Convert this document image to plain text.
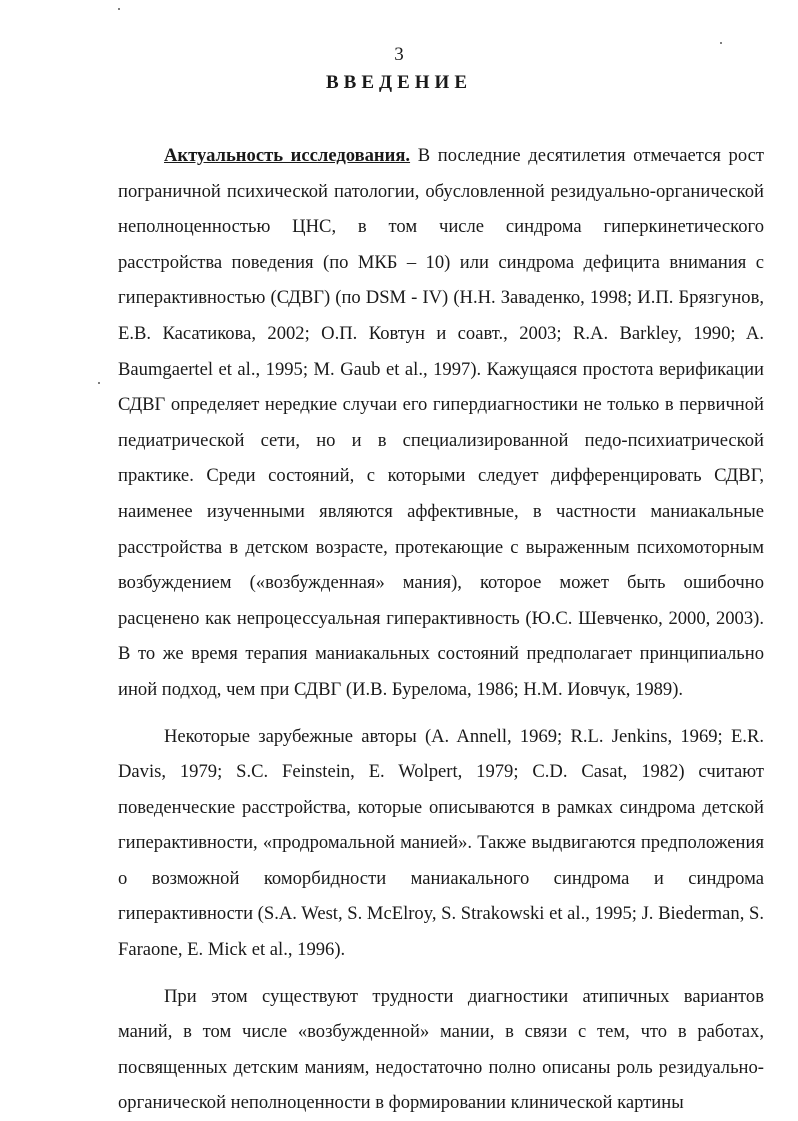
3
ВВЕДЕНИЕ

Актуальность исследования. В последние десятилетия отмечается рост пограничной психической патологии, обусловленной резидуально-органической неполноценностью ЦНС, в том числе синдрома гиперкинетического расстройства поведения (по МКБ – 10) или синдрома дефицита внимания с гиперактивностью (СДВГ) (по DSM - IV) (Н.Н. Заваденко, 1998; И.П. Брязгунов, Е.В. Касатикова, 2002; О.П. Ковтун и соавт., 2003; R.A. Barkley, 1990; A. Baumgaertel et al., 1995; M. Gaub et al., 1997). Кажущаяся простота верификации СДВГ определяет нередкие случаи его гипердиагностики не только в первичной педиатрической сети, но и в специализированной педо-психиатрической практике. Среди состояний, с которыми следует дифференцировать СДВГ, наименее изученными являются аффективные, в частности маниакальные расстройства в детском возрасте, протекающие с выраженным психомоторным возбуждением («возбужденная» мания), которое может быть ошибочно расценено как непроцессуальная гиперактивность (Ю.С. Шевченко, 2000, 2003). В то же время терапия маниакальных состояний предполагает принципиально иной подход, чем при СДВГ (И.В. Бурелома, 1986; Н.М. Иовчук, 1989).

Некоторые зарубежные авторы (A. Annell, 1969; R.L. Jenkins, 1969; E.R. Davis, 1979; S.C. Feinstein, E. Wolpert, 1979; C.D. Casat, 1982) считают поведенческие расстройства, которые описываются в рамках синдрома детской гиперактивности, «продромальной манией». Также выдвигаются предположения о возможной коморбидности маниакального синдрома и синдрома гиперактивности (S.A. West, S. McElroy, S. Strakowski et al., 1995; J. Biederman, S. Faraone, E. Mick et al., 1996).

При этом существуют трудности диагностики атипичных вариантов маний, в том числе «возбужденной» мании, в связи с тем, что в работах, посвященных детским маниям, недостаточно полно описаны роль резидуально-органической неполноценности в формировании клинической картины
